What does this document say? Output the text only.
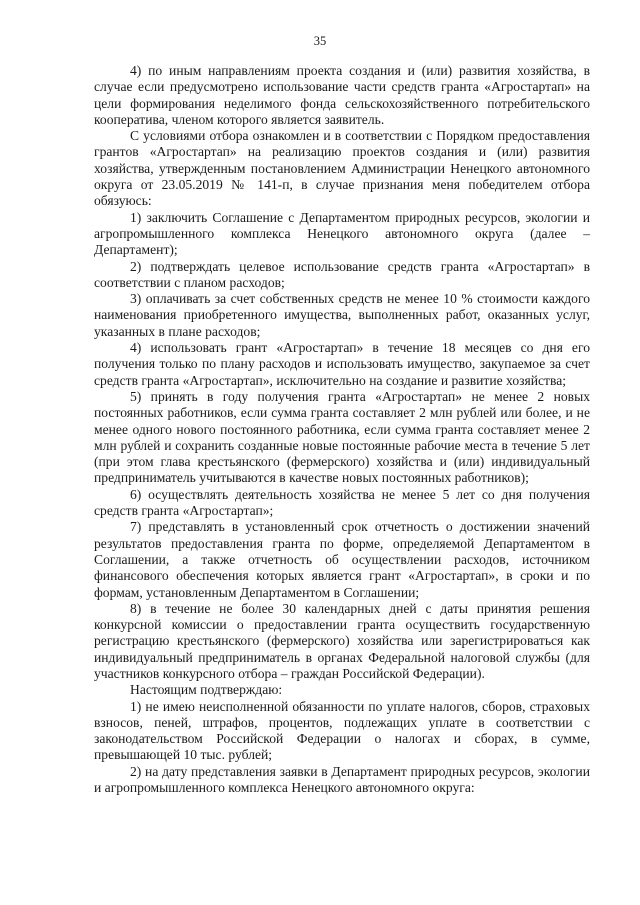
35

4) по иным направлениям проекта создания и (или) развития хозяйства, в случае если предусмотрено использование части средств гранта «Агростартап» на цели формирования неделимого фонда сельскохозяйственного потребительского кооператива, членом которого является заявитель.

С условиями отбора ознакомлен и в соответствии с Порядком предоставления грантов «Агростартап» на реализацию проектов создания и (или) развития хозяйства, утвержденным постановлением Администрации Ненецкого автономного округа от 23.05.2019 № 141-п, в случае признания меня победителем отбора обязуюсь:

1) заключить Соглашение с Департаментом природных ресурсов, экологии и агропромышленного комплекса Ненецкого автономного округа (далее – Департамент);

2) подтверждать целевое использование средств гранта «Агростартап» в соответствии с планом расходов;

3) оплачивать за счет собственных средств не менее 10 % стоимости каждого наименования приобретенного имущества, выполненных работ, оказанных услуг, указанных в плане расходов;

4) использовать грант «Агростартап» в течение 18 месяцев со дня его получения только по плану расходов и использовать имущество, закупаемое за счет средств гранта «Агростартап», исключительно на создание и развитие хозяйства;

5) принять в году получения гранта «Агростартап» не менее 2 новых постоянных работников, если сумма гранта составляет 2 млн рублей или более, и не менее одного нового постоянного работника, если сумма гранта составляет менее 2 млн рублей и сохранить созданные новые постоянные рабочие места в течение 5 лет (при этом глава крестьянского (фермерского) хозяйства и (или) индивидуальный предприниматель учитываются в качестве новых постоянных работников);

6) осуществлять деятельность хозяйства не менее 5 лет со дня получения средств гранта «Агростартап»;

7) представлять в установленный срок отчетность о достижении значений результатов предоставления гранта по форме, определяемой Департаментом в Соглашении, а также отчетность об осуществлении расходов, источником финансового обеспечения которых является грант «Агростартап», в сроки и по формам, установленным Департаментом в Соглашении;

8) в течение не более 30 календарных дней с даты принятия решения конкурсной комиссии о предоставлении гранта осуществить государственную регистрацию крестьянского (фермерского) хозяйства или зарегистрироваться как индивидуальный предприниматель в органах Федеральной налоговой службы (для участников конкурсного отбора – граждан Российской Федерации).

Настоящим подтверждаю:

1) не имею неисполненной обязанности по уплате налогов, сборов, страховых взносов, пеней, штрафов, процентов, подлежащих уплате в соответствии с законодательством Российской Федерации о налогах и сборах, в сумме, превышающей 10 тыс. рублей;

2) на дату представления заявки в Департамент природных ресурсов, экологии и агропромышленного комплекса Ненецкого автономного округа:
